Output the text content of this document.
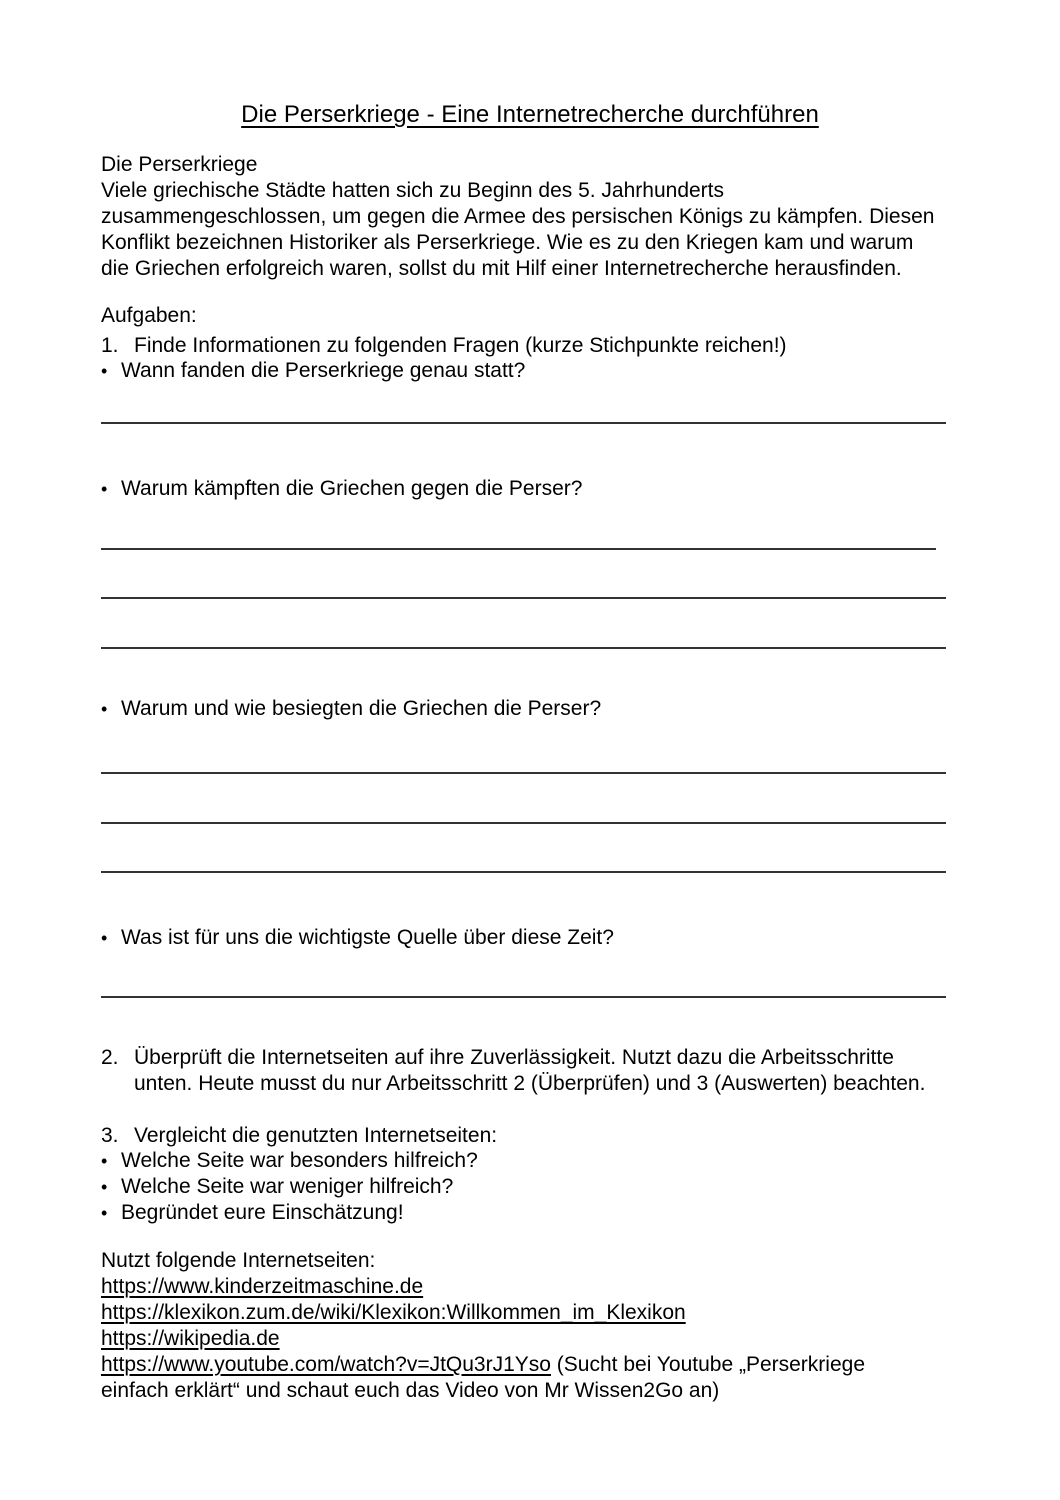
Die Perserkriege - Eine Internetrecherche durchführen
Die Perserkriege
Viele griechische Städte hatten sich zu Beginn des 5. Jahrhunderts
zusammengeschlossen, um gegen die Armee des persischen Königs zu kämpfen. Diesen
Konflikt bezeichnen Historiker als Perserkriege. Wie es zu den Kriegen kam und warum
die Griechen erfolgreich waren, sollst du mit Hilf einer Internetrecherche herausfinden.
Aufgaben:
1. Finde Informationen zu folgenden Fragen (kurze Stichpunkte reichen!)
• Wann fanden die Perserkriege genau statt?
• Warum kämpften die Griechen gegen die Perser?
• Warum und wie besiegten die Griechen die Perser?
• Was ist für uns die wichtigste Quelle über diese Zeit?
2. Überprüft die Internetseiten auf ihre Zuverlässigkeit. Nutzt dazu die Arbeitsschritte
unten. Heute musst du nur Arbeitsschritt 2 (Überprüfen) und 3 (Auswerten) beachten.
3. Vergleicht die genutzten Internetseiten:
• Welche Seite war besonders hilfreich?
• Welche Seite war weniger hilfreich?
• Begründet eure Einschätzung!
Nutzt folgende Internetseiten:
https://www.kinderzeitmaschine.de
https://klexikon.zum.de/wiki/Klexikon:Willkommen_im_Klexikon
https://wikipedia.de
https://www.youtube.com/watch?v=JtQu3rJ1Yso (Sucht bei Youtube „Perserkriege
einfach erklärt“ und schaut euch das Video von Mr Wissen2Go an)
